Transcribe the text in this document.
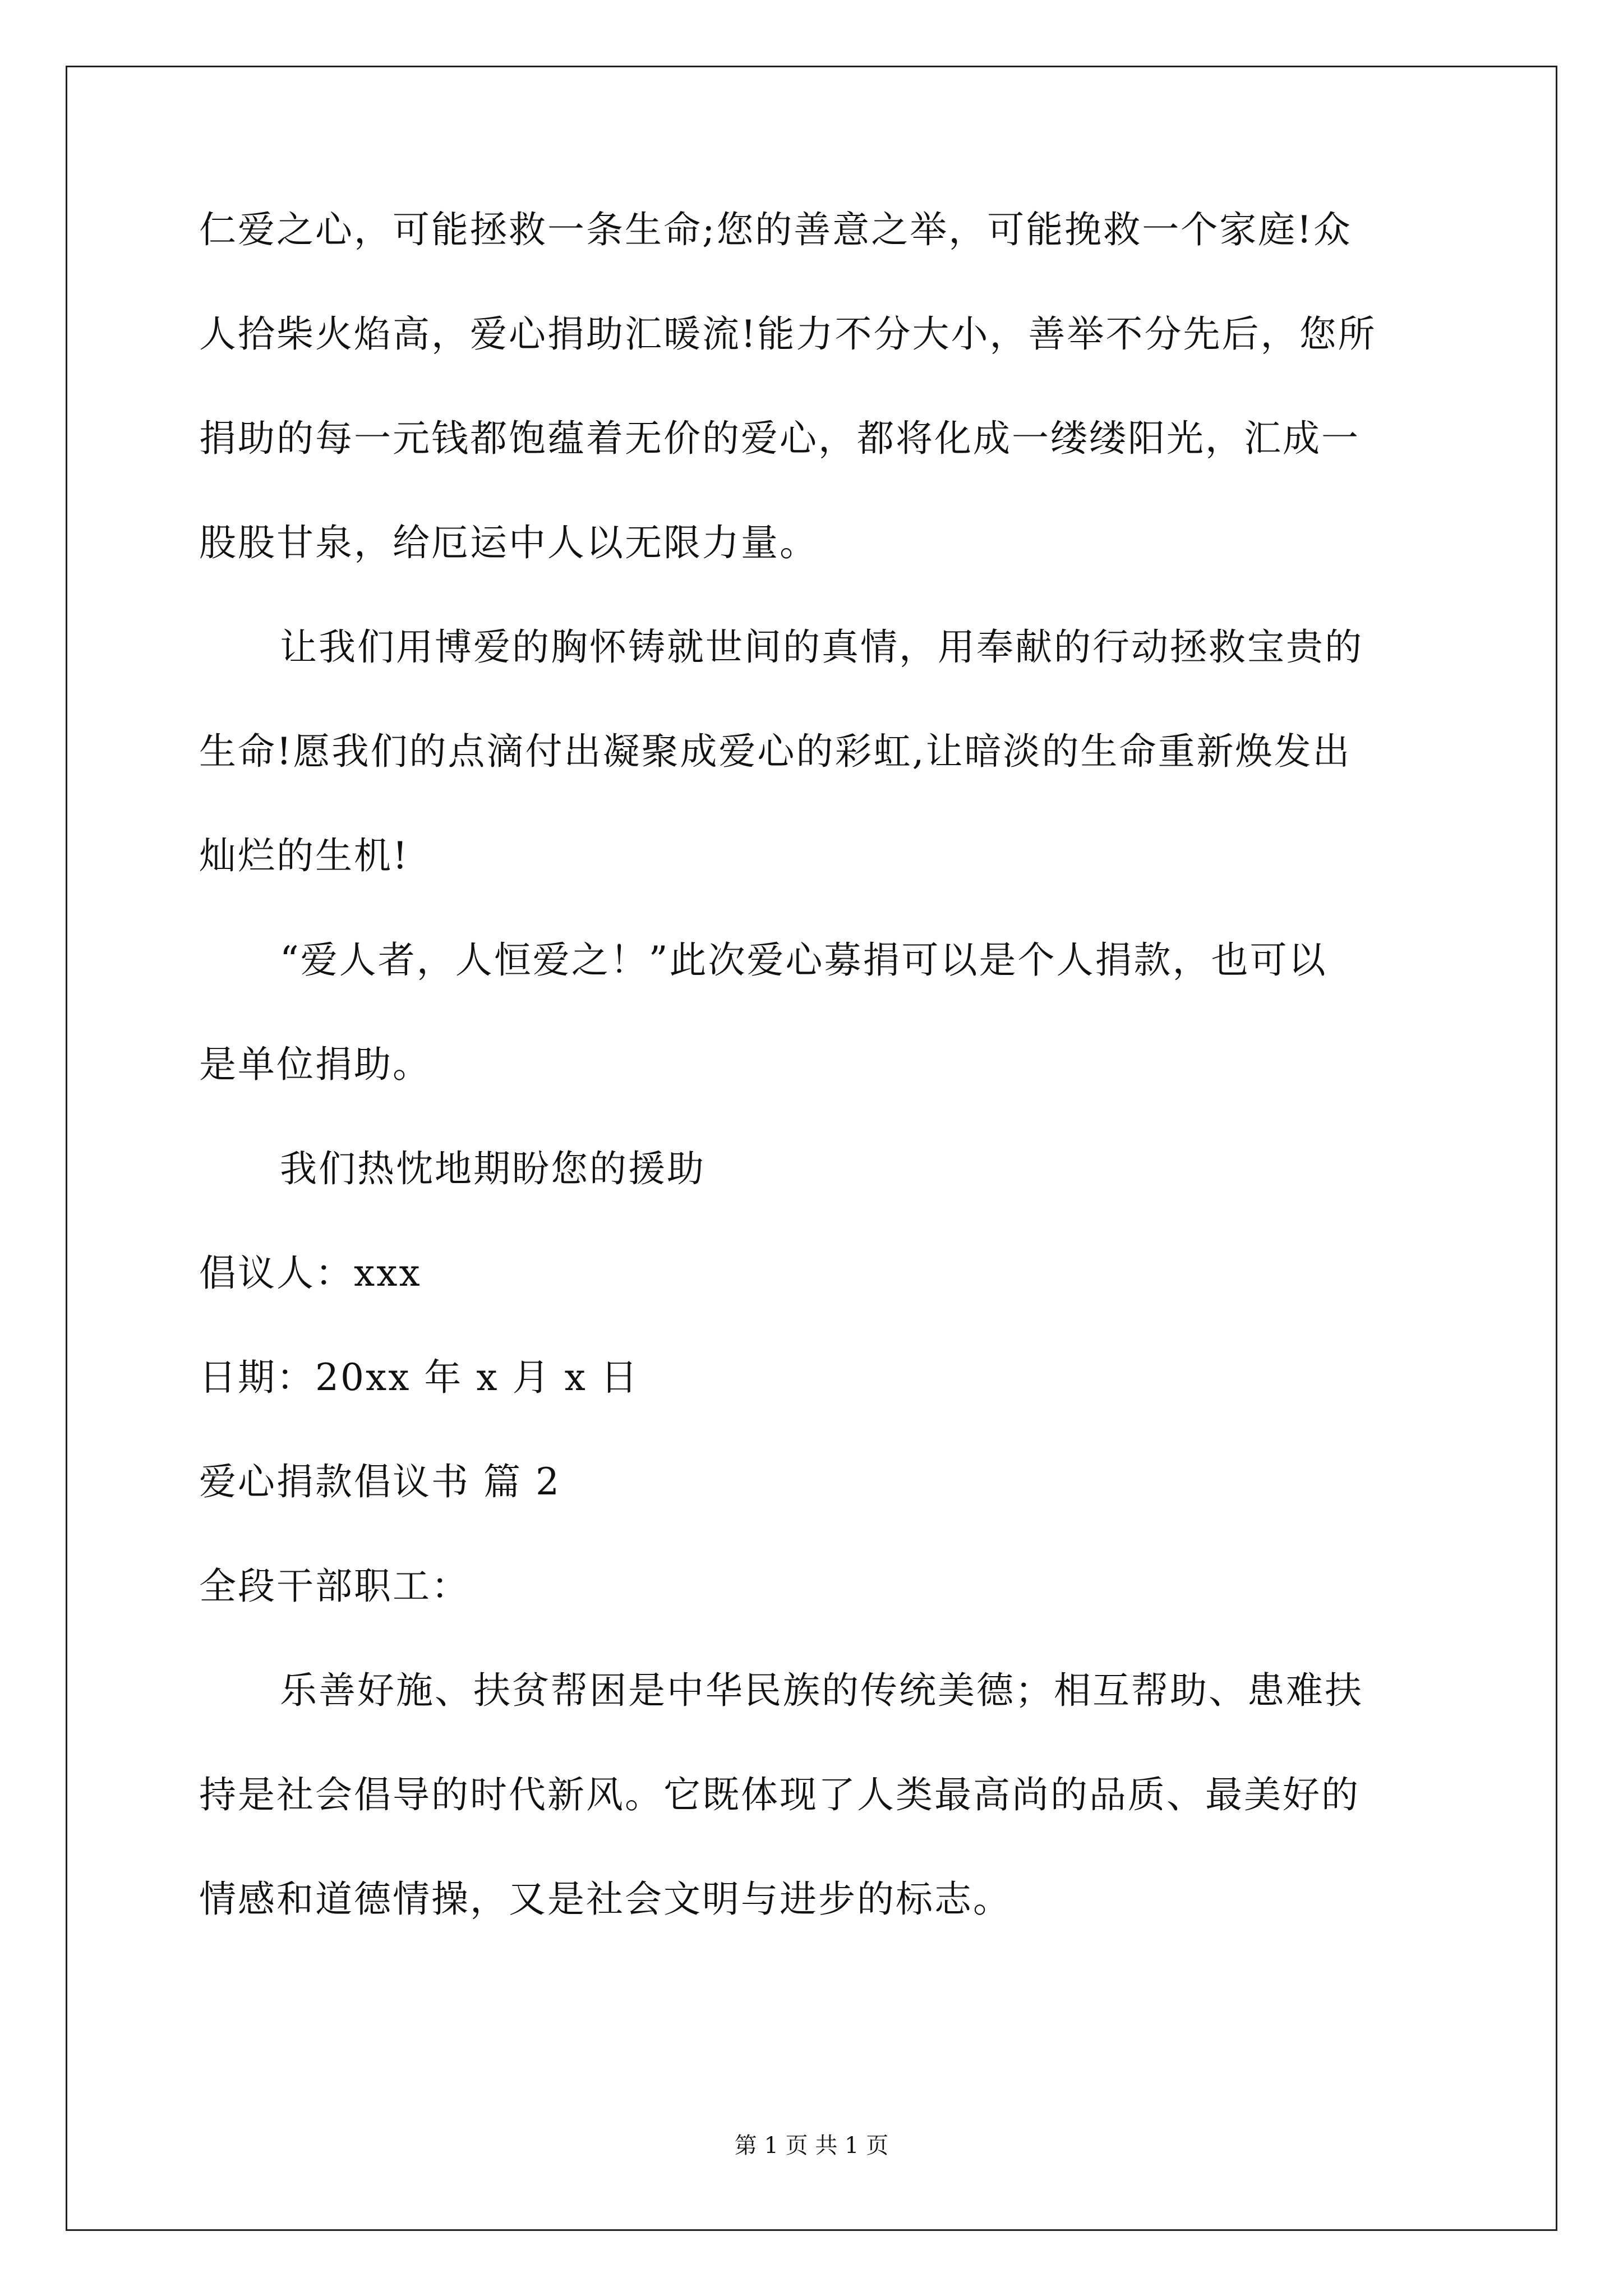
仁爱之心，可能拯救一条生命;您的善意之举，可能挽救一个家庭!众
人拾柴火焰高，爱心捐助汇暖流!能力不分大小，善举不分先后，您所
捐助的每一元钱都饱蕴着无价的爱心，都将化成一缕缕阳光，汇成一
股股甘泉，给厄运中人以无限力量。
让我们用博爱的胸怀铸就世间的真情，用奉献的行动拯救宝贵的
生命!愿我们的点滴付出凝聚成爱心的彩虹,让暗淡的生命重新焕发出
灿烂的生机!
“爱人者，人恒爱之！”此次爱心募捐可以是个人捐款，也可以
是单位捐助。
我们热忱地期盼您的援助
倡议人：xxx
日期：20xx 年 x 月 x 日
爱心捐款倡议书 篇 2
全段干部职工：
乐善好施、扶贫帮困是中华民族的传统美德；相互帮助、患难扶
持是社会倡导的时代新风。它既体现了人类最高尚的品质、最美好的
情感和道德情操，又是社会文明与进步的标志。
第 1 页 共 1 页
